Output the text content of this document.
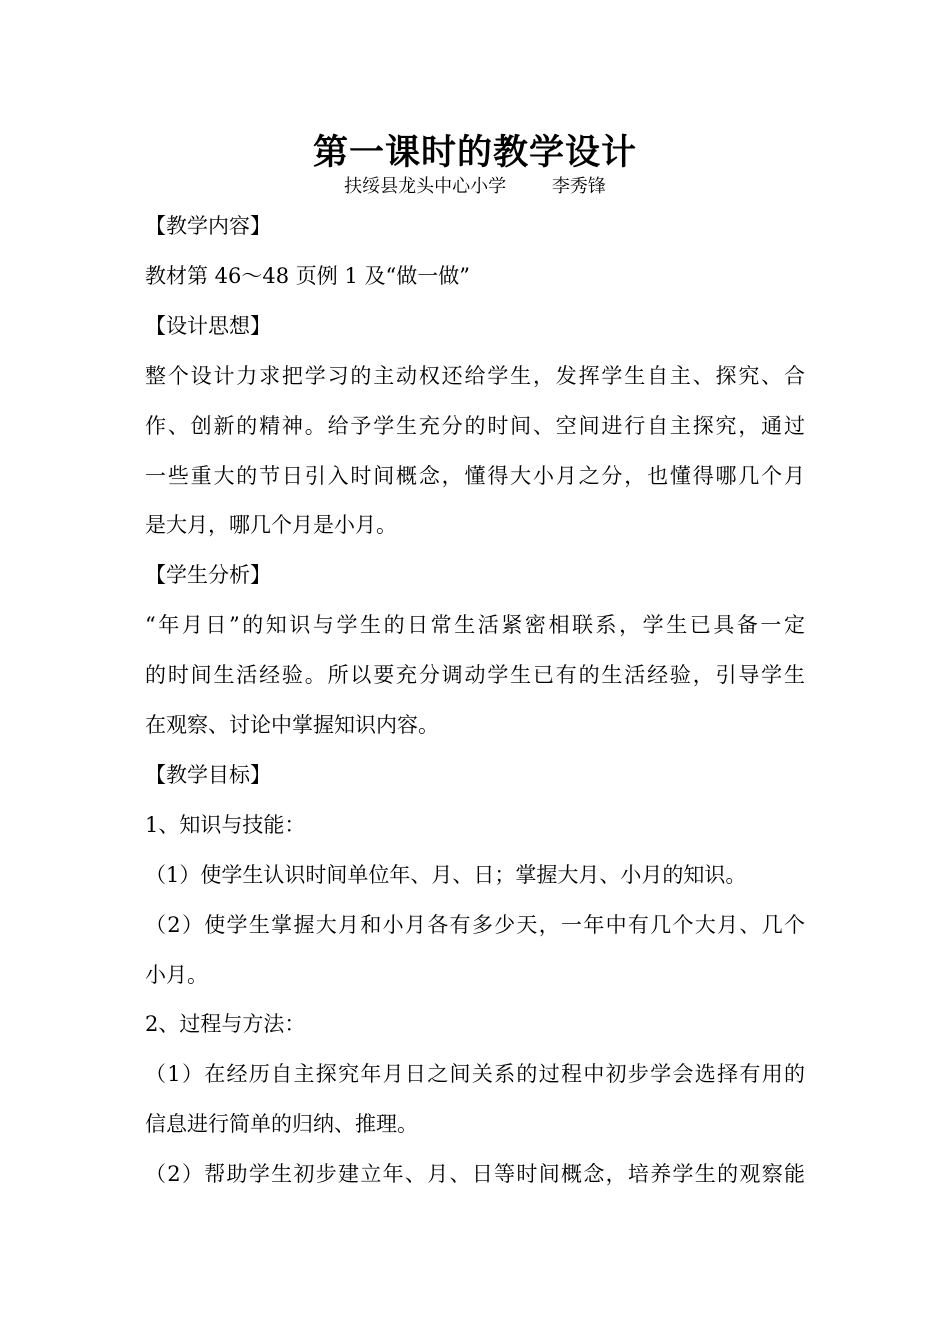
第一课时的教学设计
扶绥县龙头中心小学        李秀锋
【教学内容】
教材第 46～48 页例 1 及“做一做”
【设计思想】
整个设计力求把学习的主动权还给学生，发挥学生自主、探究、合
作、创新的精神。给予学生充分的时间、空间进行自主探究，通过
一些重大的节日引入时间概念，懂得大小月之分，也懂得哪几个月
是大月，哪几个月是小月。
【学生分析】
“年月日”的知识与学生的日常生活紧密相联系，学生已具备一定
的时间生活经验。所以要充分调动学生已有的生活经验，引导学生
在观察、讨论中掌握知识内容。
【教学目标】
1、知识与技能：
（1）使学生认识时间单位年、月、日；掌握大月、小月的知识。
（2）使学生掌握大月和小月各有多少天，一年中有几个大月、几个
小月。
2、过程与方法：
（1）在经历自主探究年月日之间关系的过程中初步学会选择有用的
信息进行简单的归纳、推理。
（2）帮助学生初步建立年、月、日等时间概念，培养学生的观察能
